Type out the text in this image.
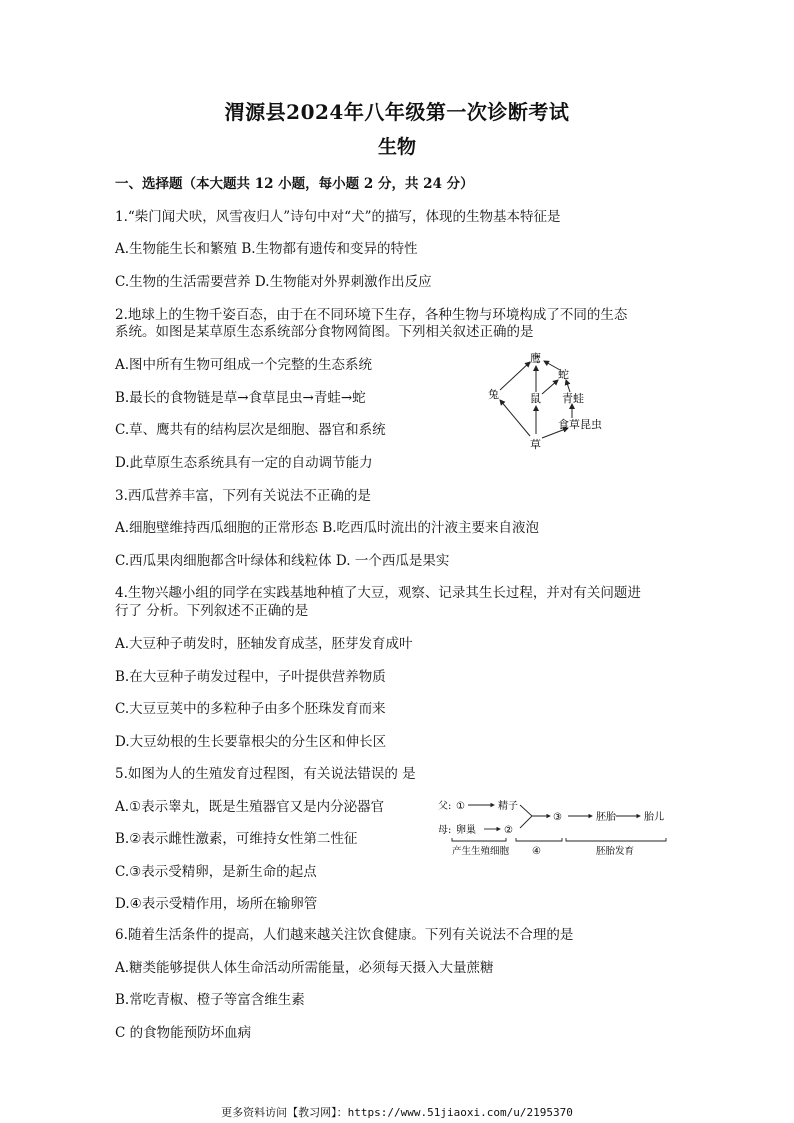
渭源县2024年八年级第一次诊断考试
生物
一、选择题（本大题共 12 小题，每小题 2 分，共 24 分）
1.“柴门闻犬吠，风雪夜归人”诗句中对“犬”的描写，体现的生物基本特征是
A.生物能生长和繁殖 B.生物都有遗传和变异的特性
C.生物的生活需要营养 D.生物能对外界刺激作出反应
2.地球上的生物千姿百态，由于在不同环境下生存，各种生物与环境构成了不同的生态
系统。如图是某草原生态系统部分食物网简图。下列相关叙述正确的是
A.图中所有生物可组成一个完整的生态系统
B.最长的食物链是草→食草昆虫→青蛙→蛇
C.草、鹰共有的结构层次是细胞、器官和系统
D.此草原生态系统具有一定的自动调节能力
鹰
兔	鼠
蛇
青蛙
食草昆虫
草
3.西瓜营养丰富，下列有关说法不正确的是
A.细胞壁维持西瓜细胞的正常形态 B.吃西瓜时流出的汁液主要来自液泡
C.西瓜果肉细胞都含叶绿体和线粒体 D. 一个西瓜是果实
4.生物兴趣小组的同学在实践基地种植了大豆，观察、记录其生长过程，并对有关问题进
行了 分析。下列叙述不正确的是
A.大豆种子萌发时，胚轴发育成茎，胚芽发育成叶
B.在大豆种子萌发过程中，子叶提供营养物质
C.大豆豆荚中的多粒种子由多个胚珠发育而来
D.大豆幼根的生长要靠根尖的分生区和伸长区
5.如图为人的生殖发育过程图，有关说法错误的 是
A.①表示睾丸，既是生殖器官又是内分泌器官
B.②表示雌性激素，可维持女性第二性征
C.③表示受精卵，是新生命的起点
D.④表示受精作用，场所在输卵管
父: ①	精子
母: 卵巢	②
③	胚胎	胎儿
产生生殖细胞 ④	胚胎发育
6.随着生活条件的提高，人们越来越关注饮食健康。下列有关说法不合理的是
A.糖类能够提供人体生命活动所需能量，必须每天摄入大量蔗糖
B.常吃青椒、橙子等富含维生素
C 的食物能预防坏血病
更多资料访问【教习网】：https://www.51jiaoxi.com/u/2195370
